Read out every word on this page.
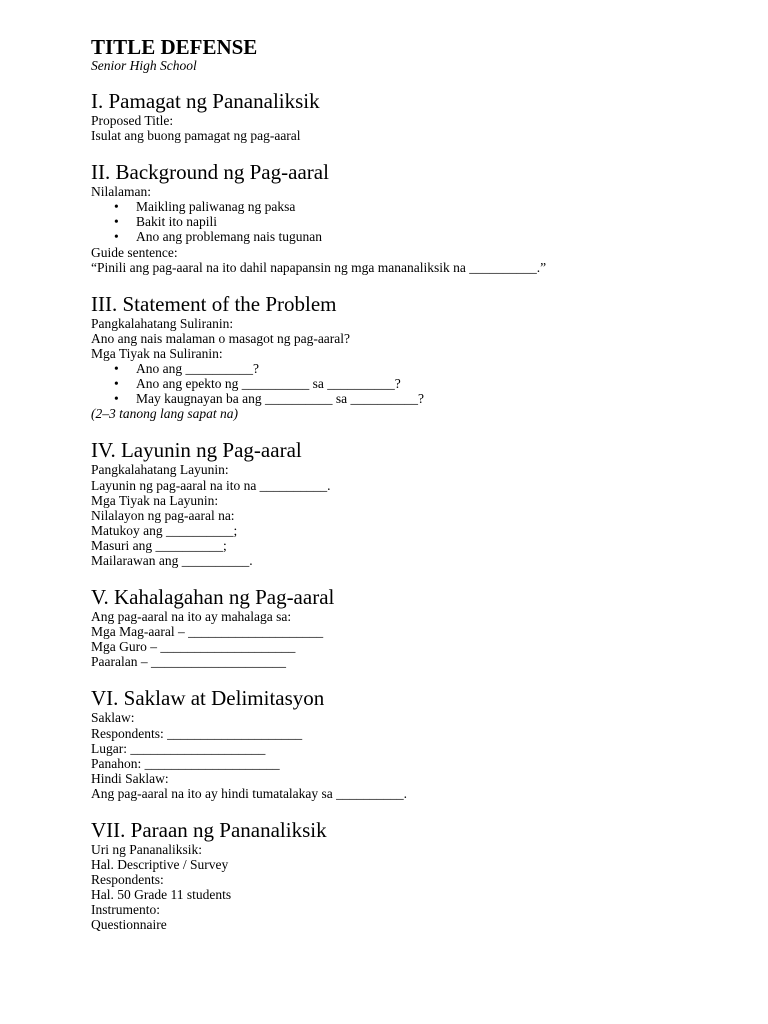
TITLE DEFENSE
Senior High School
I. Pamagat ng Pananaliksik
Proposed Title:
Isulat ang buong pamagat ng pag-aaral
II. Background ng Pag-aaral
Nilalaman:
• Maikling paliwanag ng paksa
• Bakit ito napili
• Ano ang problemang nais tugunan
Guide sentence:
“Pinili ang pag-aaral na ito dahil napapansin ng mga mananaliksik na __________.”
III. Statement of the Problem
Pangkalahatang Suliranin:
Ano ang nais malaman o masagot ng pag-aaral?
Mga Tiyak na Suliranin:
• Ano ang __________?
• Ano ang epekto ng __________ sa __________?
• May kaugnayan ba ang __________ sa __________?
(2–3 tanong lang sapat na)
IV. Layunin ng Pag-aaral
Pangkalahatang Layunin:
Layunin ng pag-aaral na ito na __________.
Mga Tiyak na Layunin:
Nilalayon ng pag-aaral na:
Matukoy ang __________;
Masuri ang __________;
Mailarawan ang __________.
V. Kahalagahan ng Pag-aaral
Ang pag-aaral na ito ay mahalaga sa:
Mga Mag-aaral – ____________________
Mga Guro – ____________________
Paaralan – ____________________
VI. Saklaw at Delimitasyon
Saklaw:
Respondents: ____________________
Lugar: ____________________
Panahon: ____________________
Hindi Saklaw:
Ang pag-aaral na ito ay hindi tumatalakay sa __________.
VII. Paraan ng Pananaliksik
Uri ng Pananaliksik:
Hal. Descriptive / Survey
Respondents:
Hal. 50 Grade 11 students
Instrumento:
Questionnaire
